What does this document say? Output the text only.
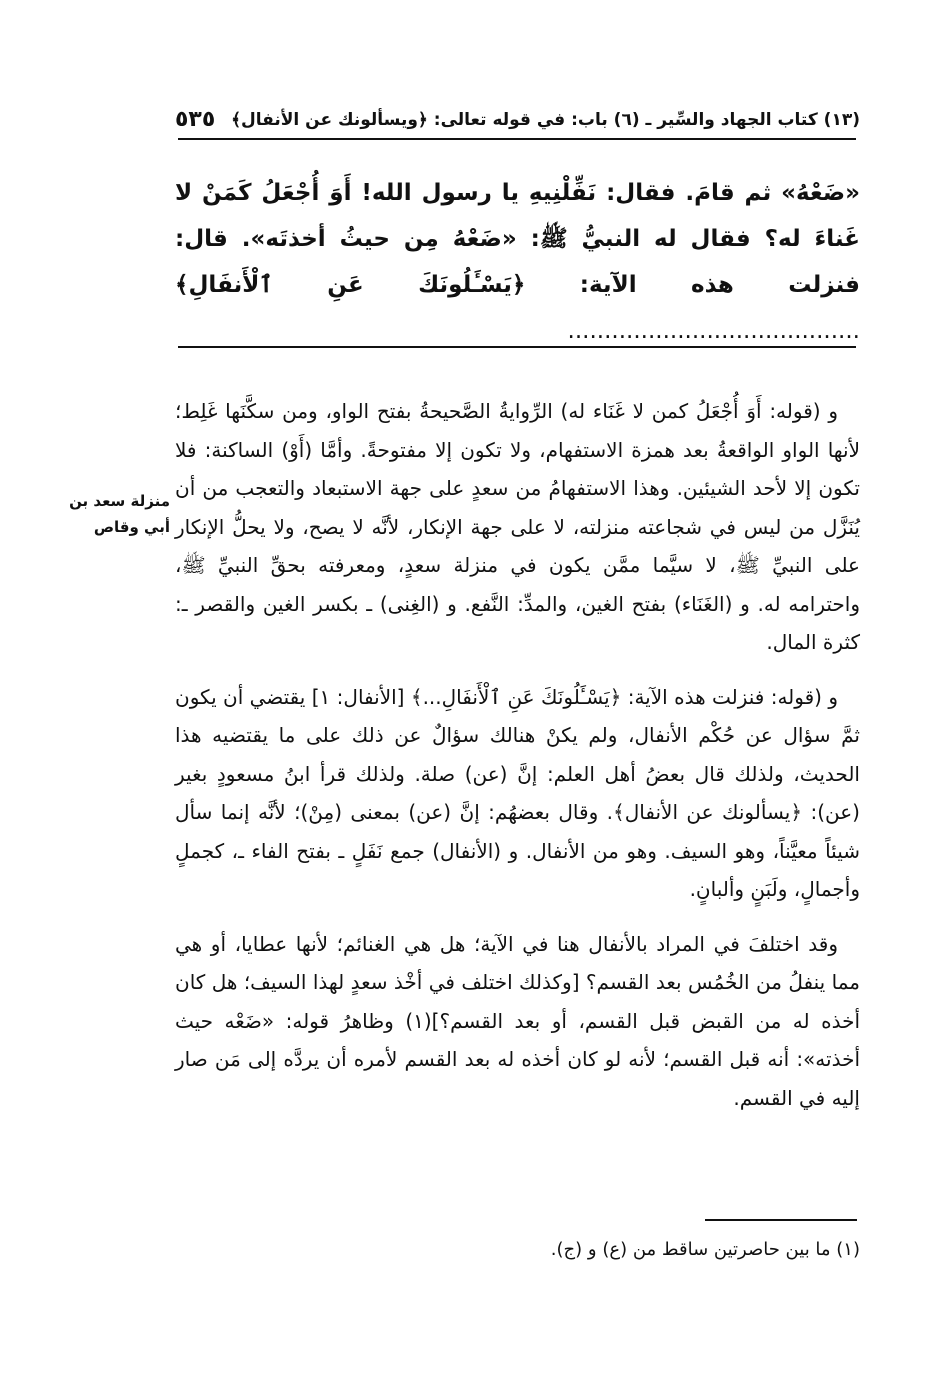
(١٣) كتاب الجهاد والسِّير ـ (٦) باب: في قوله تعالى: ﴿ويسألونك عن الأنفال﴾
٥٣٥

«ضَعْهُ» ثم قامَ. فقال: نَفِّلْنِيهِ يا رسول الله! أَوَ أُجْعَلُ كَمَنْ لا غَناءَ له؟ فقال له النبيُّ ﷺ: «ضَعْهُ مِن حيثُ أخذتَه». قال: فنزلت هذه الآية: ﴿يَسْـَٔلُونَكَ عَنِ ٱلْأَنفَالِ﴾ ........................................

منزلة سعد بن أبي وقاص

و (قوله: أَوَ أُجْعَلُ كمن لا غَنَاء له) الرِّوايةُ الصَّحيحةُ بفتح الواو، ومن سكَّنَها غَلِط؛ لأنها الواو الواقعةُ بعد همزة الاستفهام، ولا تكون إلا مفتوحةً. وأمَّا (أَوْ) الساكنة: فلا تكون إلا لأحد الشيئين. وهذا الاستفهامُ من سعدٍ على جهة الاستبعاد والتعجب من أن يُنَزَّل من ليس في شجاعته منزلته، لا على جهة الإنكار، لأنَّه لا يصح، ولا يحلُّ الإنكار على النبيِّ ﷺ، لا سيَّما ممَّن يكون في منزلة سعدٍ، ومعرفته بحقِّ النبيِّ ﷺ، واحترامه له. و (الغَنَاء) بفتح الغين، والمدِّ: النَّفع. و (الغِنى) ـ بكسر الغين والقصر ـ: كثرة المال.

و (قوله: فنزلت هذه الآية: ﴿يَسْـَٔلُونَكَ عَنِ ٱلْأَنفَالِ...﴾ [الأنفال: ١] يقتضي أن يكون ثمَّ سؤال عن حُكْم الأنفال، ولم يكنْ هنالك سؤالٌ عن ذلك على ما يقتضيه هذا الحديث، ولذلك قال بعضُ أهل العلم: إنَّ (عن) صلة. ولذلك قرأ ابنُ مسعودٍ بغير (عن): ﴿يسألونك عن الأنفال﴾. وقال بعضهُم: إنَّ (عن) بمعنى (مِنْ)؛ لأنَّه إنما سأل شيئاً معيَّناً، وهو السيف. وهو من الأنفال. و (الأنفال) جمع نَفَلٍ ـ بفتح الفاء ـ، كجملٍ وأجمالٍ، ولَبَنٍ وألبانٍ.

وقد اختلفَ في المراد بالأنفال هنا في الآية؛ هل هي الغنائم؛ لأنها عطايا، أو هي مما ينفلُ من الخُمُس بعد القسم؟ [وكذلك اختلف في أخْذ سعدٍ لهذا السيف؛ هل كان أخذه له من القبض قبل القسم، أو بعد القسم؟](١) وظاهرُ قوله: «ضَعْه حيث أخذته»: أنه قبل القسم؛ لأنه لو كان أخذه له بعد القسم لأمره أن يردَّه إلى مَن صار إليه في القسم.

(١) ما بين حاصرتين ساقط من (ع) و (ج).
